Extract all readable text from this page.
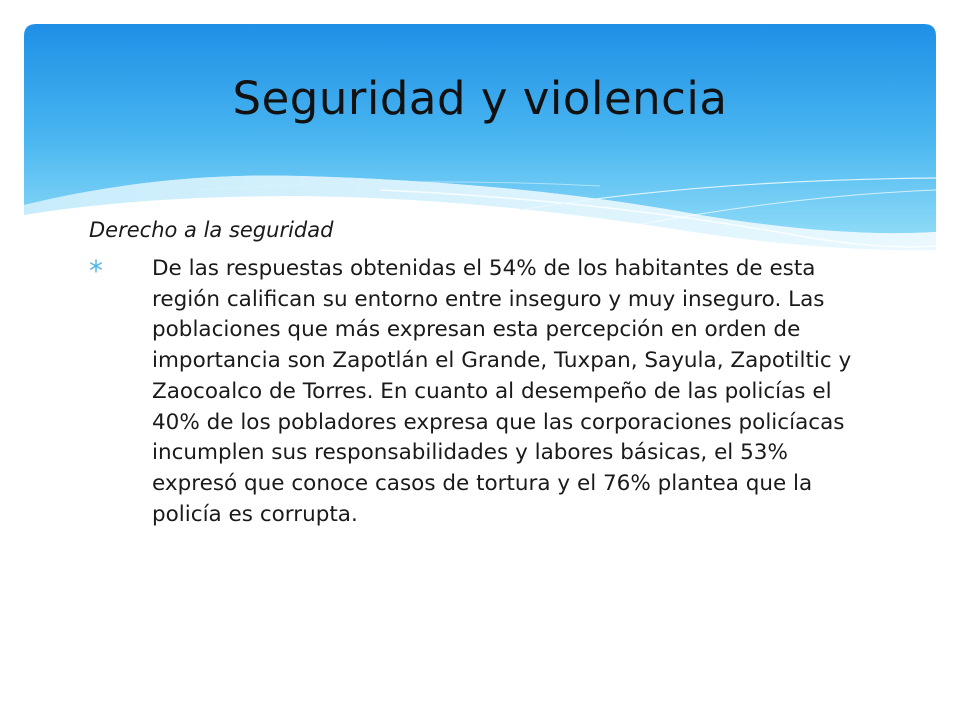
Seguridad y violencia

Derecho a la seguridad

De las respuestas obtenidas el 54% de los habitantes de esta región califican su entorno entre inseguro y muy inseguro. Las poblaciones que más expresan esta percepción en orden de importancia son Zapotlán el Grande, Tuxpan, Sayula, Zapotiltic y Zaocoalco de Torres. En cuanto al desempeño de las policías el 40% de los pobladores expresa que las corporaciones policíacas incumplen sus responsabilidades y labores básicas, el 53% expresó que conoce casos de tortura y el 76% plantea que la policía es corrupta.
